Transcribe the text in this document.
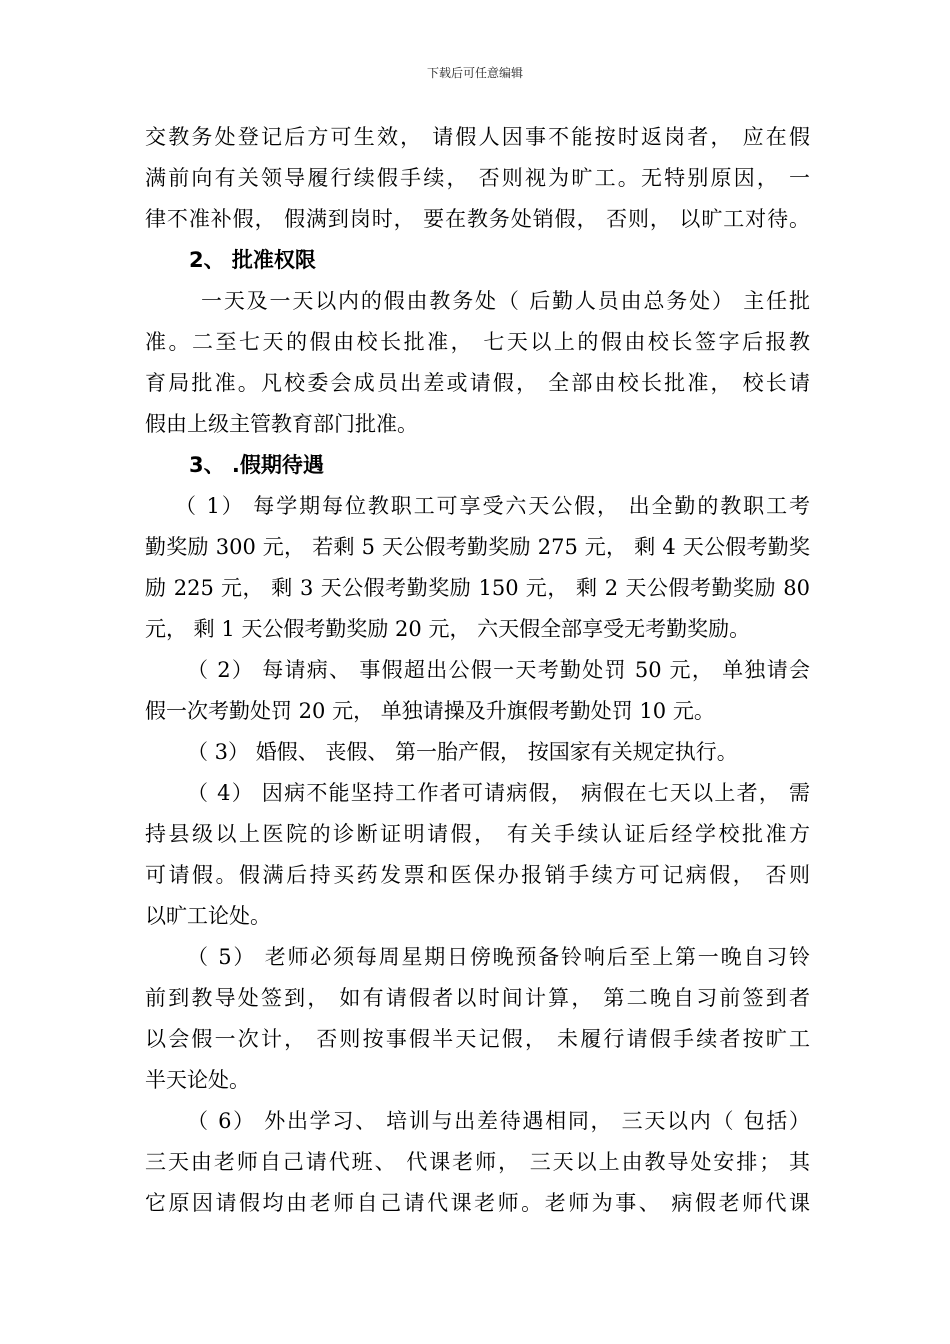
下载后可任意编辑
交教务处登记后方可生效， 请假人因事不能按时返岗者， 应在假
满前向有关领导履行续假手续， 否则视为旷工。无特别原因， 一
律不准补假， 假满到岗时， 要在教务处销假， 否则， 以旷工对待。
2、 批准权限
一天及一天以内的假由教务处（ 后勤人员由总务处） 主任批
准。二至七天的假由校长批准， 七天以上的假由校长签字后报教
育局批准。凡校委会成员出差或请假， 全部由校长批准， 校长请
假由上级主管教育部门批准。
3、 .假期待遇
（ 1） 每学期每位教职工可享受六天公假， 出全勤的教职工考
勤奖励 300 元， 若剩 5 天公假考勤奖励 275 元， 剩 4 天公假考勤奖
励 225 元， 剩 3 天公假考勤奖励 150 元， 剩 2 天公假考勤奖励 80
元， 剩 1 天公假考勤奖励 20 元， 六天假全部享受无考勤奖励。
（ 2） 每请病、 事假超出公假一天考勤处罚 50 元， 单独请会
假一次考勤处罚 20 元， 单独请操及升旗假考勤处罚 10 元。
（ 3） 婚假、 丧假、 第一胎产假， 按国家有关规定执行。
（ 4） 因病不能坚持工作者可请病假， 病假在七天以上者， 需
持县级以上医院的诊断证明请假， 有关手续认证后经学校批准方
可请假。假满后持买药发票和医保办报销手续方可记病假， 否则
以旷工论处。
（ 5） 老师必须每周星期日傍晚预备铃响后至上第一晚自习铃
前到教导处签到， 如有请假者以时间计算， 第二晚自习前签到者
以会假一次计， 否则按事假半天记假， 未履行请假手续者按旷工
半天论处。
（ 6） 外出学习、 培训与出差待遇相同， 三天以内（ 包括）
三天由老师自己请代班、 代课老师， 三天以上由教导处安排； 其
它原因请假均由老师自己请代课老师。老师为事、 病假老师代课
